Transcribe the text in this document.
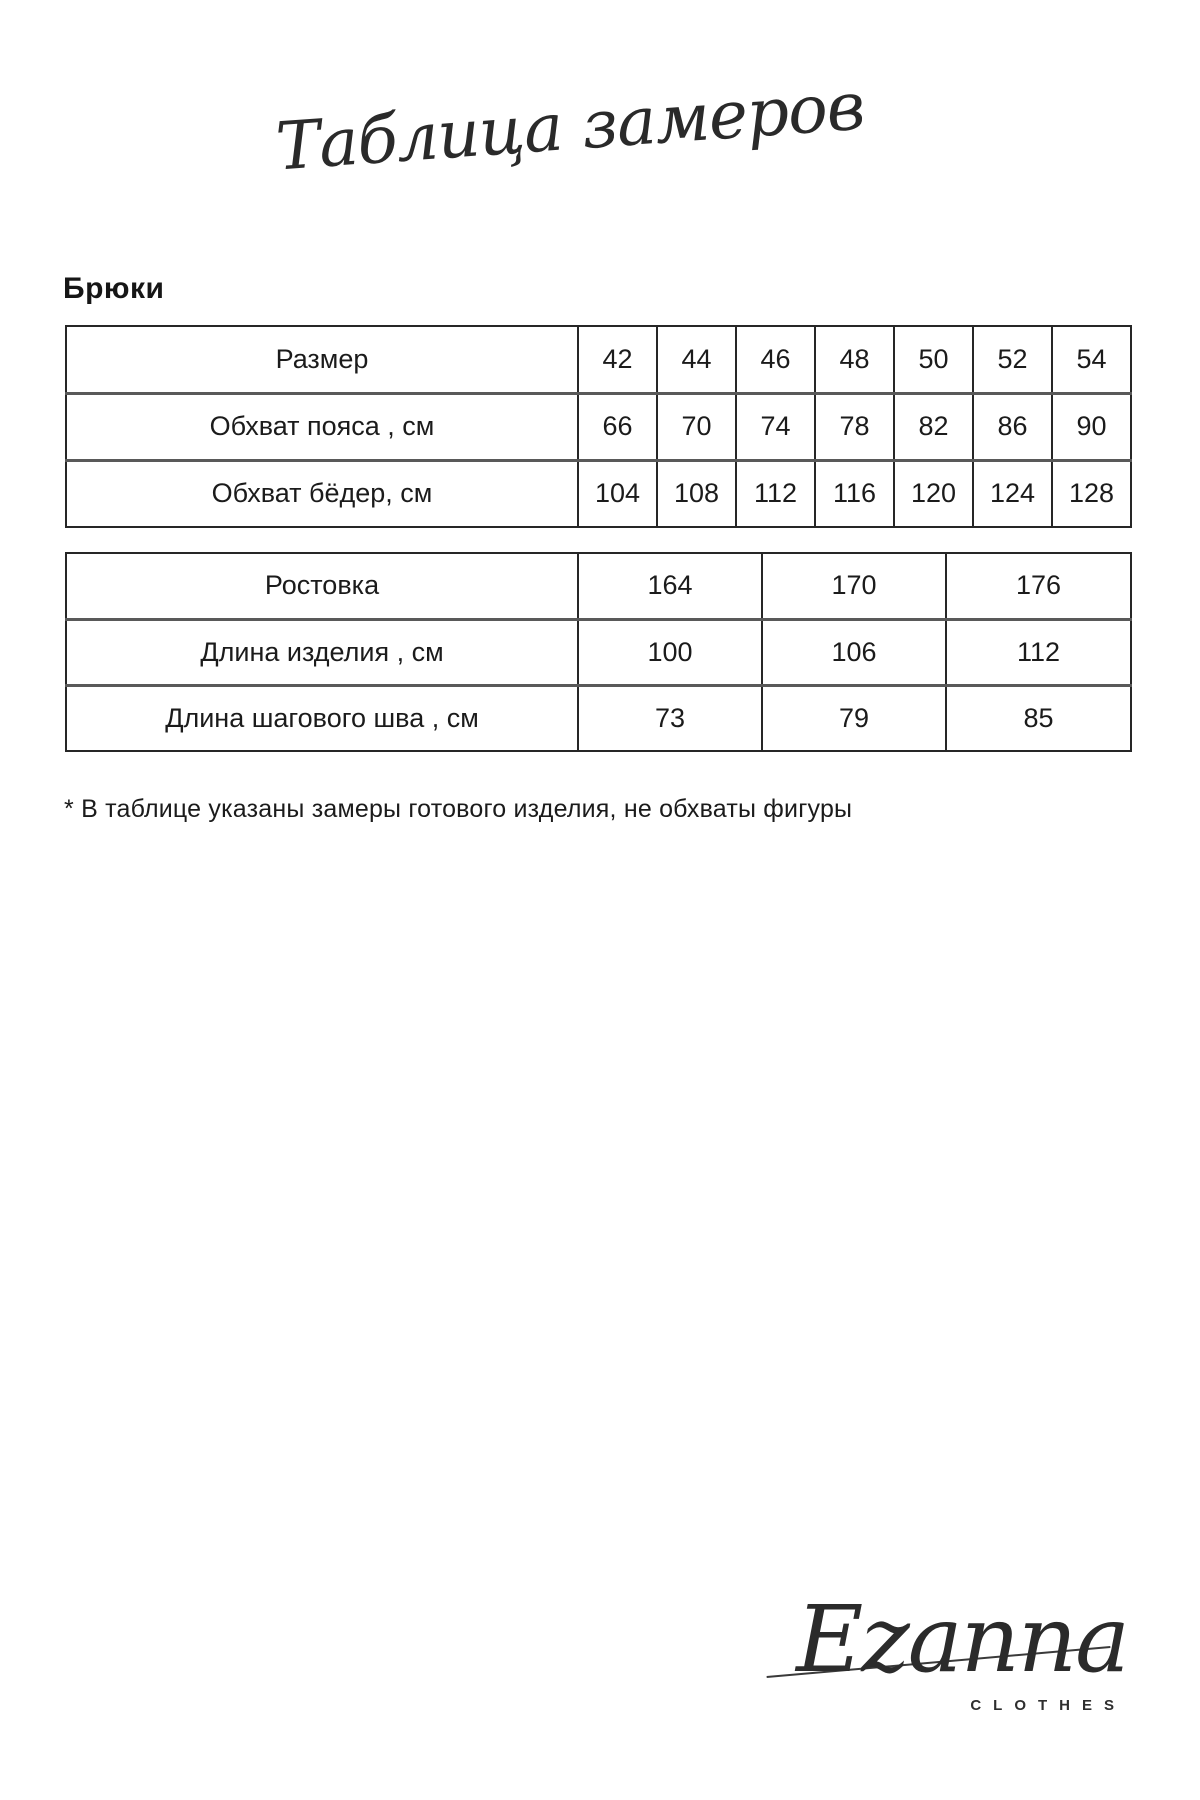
Таблица замеров
Брюки
Размер	42	44	46	48	50	52	54
Обхват пояса , см	66	70	74	78	82	86	90
Обхват бёдер, см	104	108	112	116	120	124	128
Ростовка	164	170	176
Длина изделия , см	100	106	112
Длина шагового шва , см	73	79	85
* В таблице указаны замеры готового изделия, не обхваты фигуры
Ezanna
CLOTHES
